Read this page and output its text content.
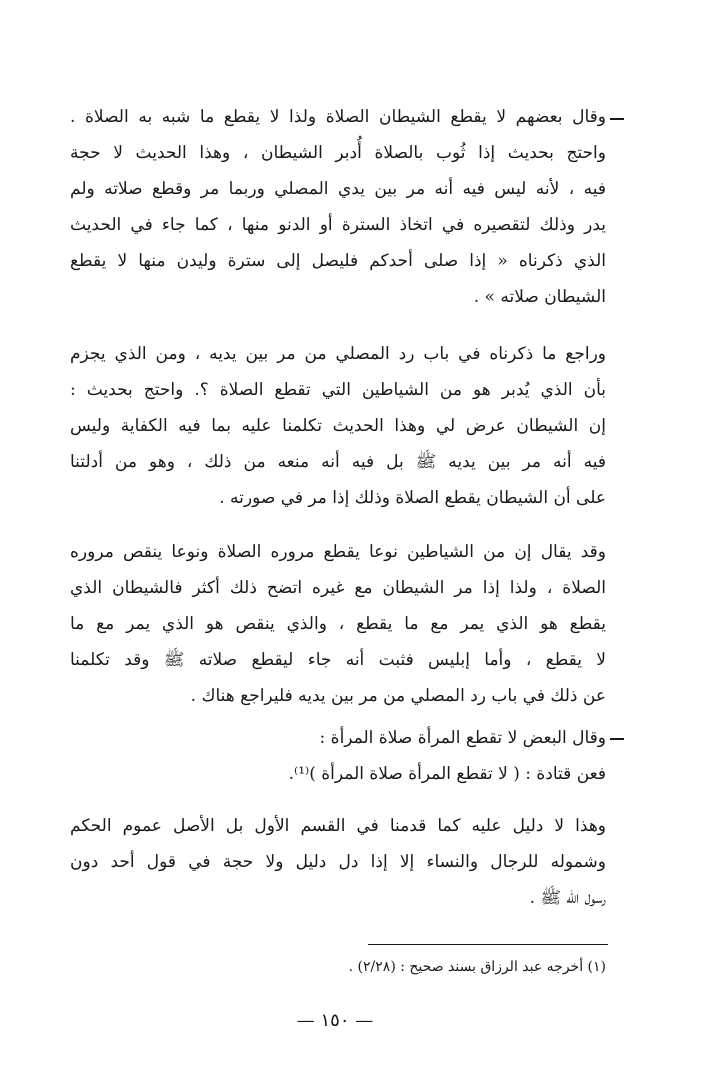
وقال بعضهم لا يقطع الشيطان الصلاة ولذا لا يقطع ما شبه به الصلاة .
واحتج بحديث إذا ثُوب بالصلاة أُدبر الشيطان ، وهذا الحديث لا حجة
فيه ، لأنه ليس فيه أنه مر بين يدي المصلي وربما مر وقطع صلاته ولم
يدر وذلك لتقصيره في اتخاذ السترة أو الدنو منها ، كما جاء في الحديث
الذي ذكرناه « إذا صلى أحدكم فليصل إلى سترة وليدن منها لا يقطع
الشيطان صلاته » .
وراجع ما ذكرناه في باب رد المصلي من مر بين يديه ، ومن الذي يجزم
بأن الذي يُدبر هو من الشياطين التي تقطع الصلاة ؟. واحتج بحديث :
إن الشيطان عرض لي وهذا الحديث تكلمنا عليه بما فيه الكفاية وليس
فيه أنه مر بين يديه ﷺ بل فيه أنه منعه من ذلك ، وهو من أدلتنا
على أن الشيطان يقطع الصلاة وذلك إذا مر في صورته .
وقد يقال إن من الشياطين نوعا يقطع مروره الصلاة ونوعا ينقص مروره
الصلاة ، ولذا إذا مر الشيطان مع غيره اتضح ذلك أكثر فالشيطان الذي
يقطع هو الذي يمر مع ما يقطع ، والذي ينقص هو الذي يمر مع ما
لا يقطع ، وأما إبليس فثبت أنه جاء ليقطع صلاته ﷺ وقد تكلمنا
عن ذلك في باب رد المصلي من مر بين يديه فليراجع هناك .
وقال البعض لا تقطع المرأة صلاة المرأة :
فعن قتادة : ( لا تقطع المرأة صلاة المرأة )⁽¹⁾.
وهذا لا دليل عليه كما قدمنا في القسم الأول بل الأصل عموم الحكم
وشموله للرجال والنساء إلا إذا دل دليل ولا حجة في قول أحد دون
رسول الله ﷺ .
(١) أخرجه عبد الرزاق بسند صحيح : (٢/٢٨) .
— ١٥٠ —
